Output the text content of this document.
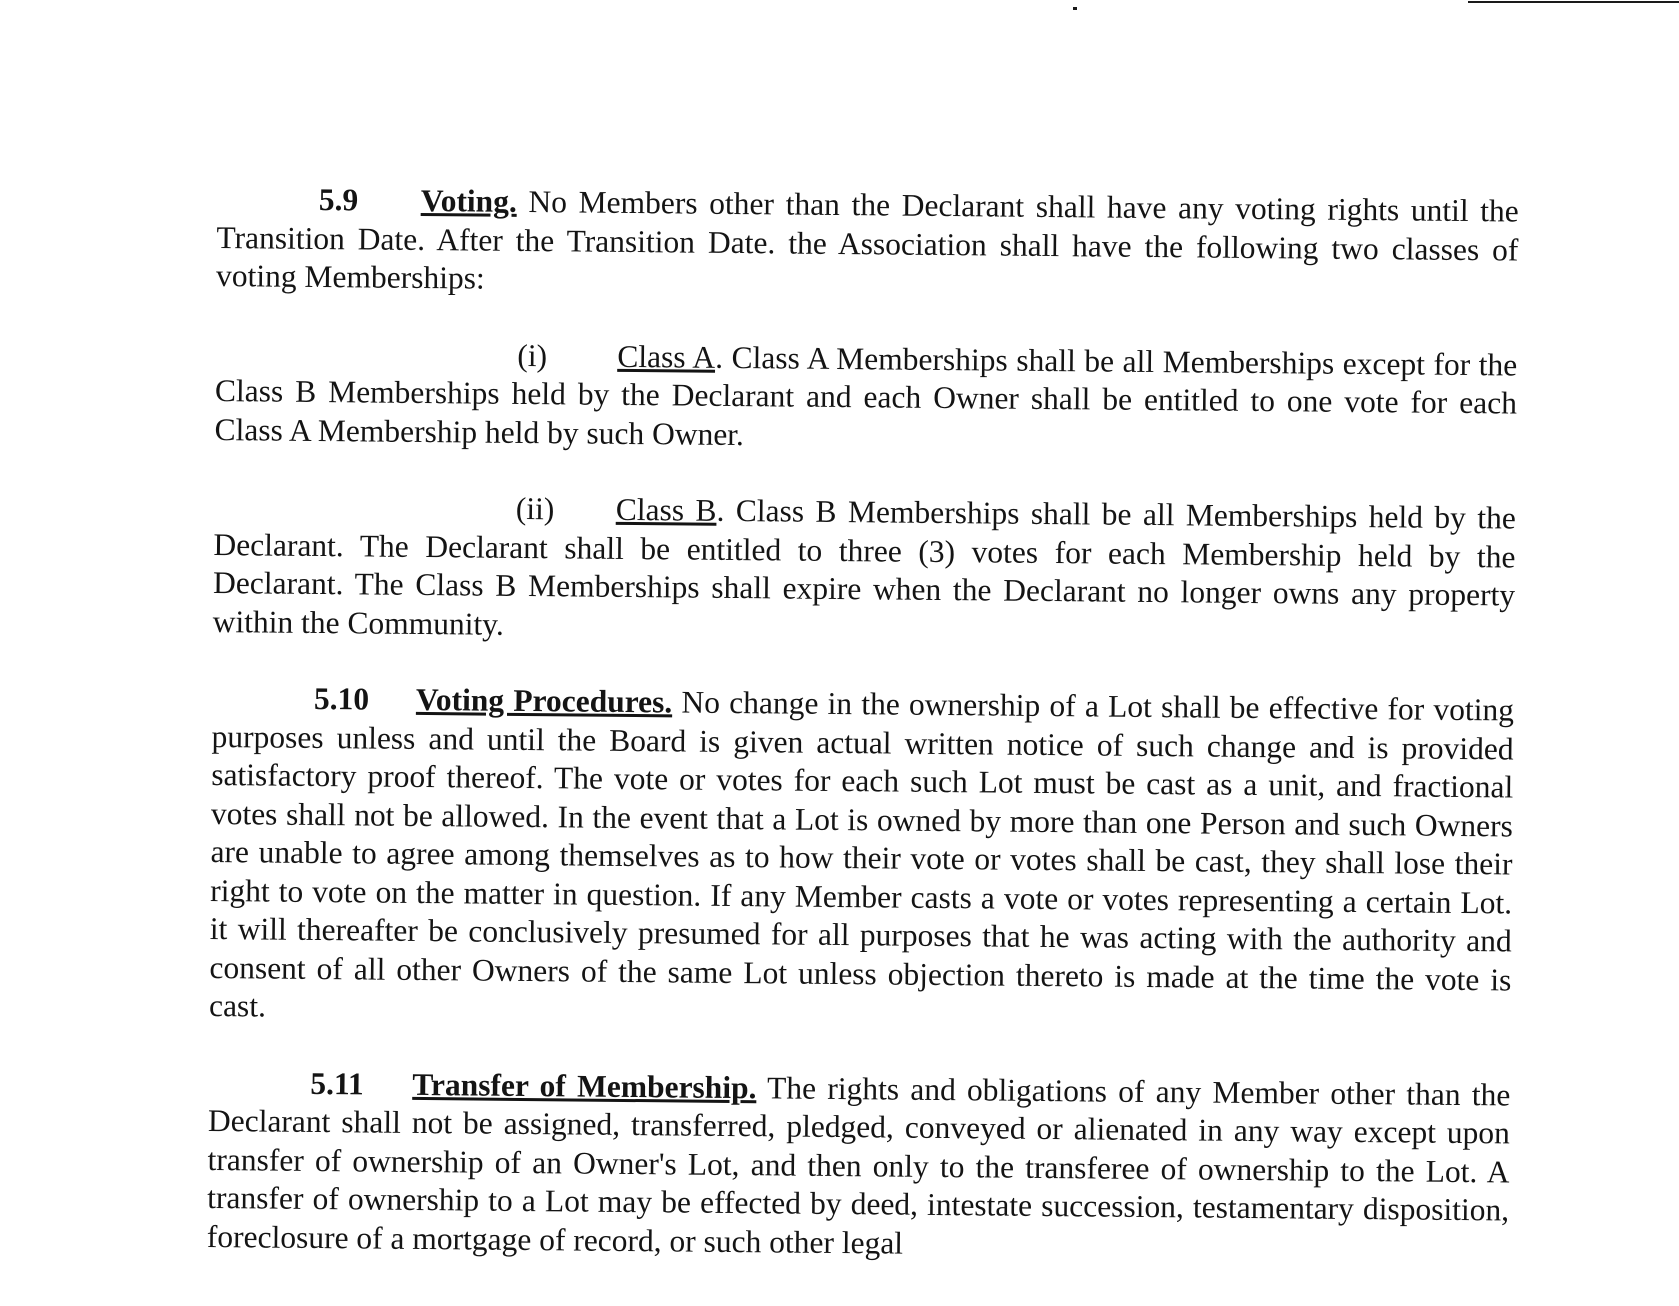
5.9 Voting. No Members other than the Declarant shall have any voting rights until the Transition Date. After the Transition Date. the Association shall have the following two classes of voting Memberships:

(i) Class A. Class A Memberships shall be all Memberships except for the Class B Memberships held by the Declarant and each Owner shall be entitled to one vote for each Class A Membership held by such Owner.

(ii) Class B. Class B Memberships shall be all Memberships held by the Declarant. The Declarant shall be entitled to three (3) votes for each Membership held by the Declarant. The Class B Memberships shall expire when the Declarant no longer owns any property within the Community.

5.10 Voting Procedures. No change in the ownership of a Lot shall be effective for voting purposes unless and until the Board is given actual written notice of such change and is provided satisfactory proof thereof. The vote or votes for each such Lot must be cast as a unit, and fractional votes shall not be allowed. In the event that a Lot is owned by more than one Person and such Owners are unable to agree among themselves as to how their vote or votes shall be cast, they shall lose their right to vote on the matter in question. If any Member casts a vote or votes representing a certain Lot. it will thereafter be conclusively presumed for all purposes that he was acting with the authority and consent of all other Owners of the same Lot unless objection thereto is made at the time the vote is cast.

5.11 Transfer of Membership. The rights and obligations of any Member other than the Declarant shall not be assigned, transferred, pledged, conveyed or alienated in any way except upon transfer of ownership of an Owner's Lot, and then only to the transferee of ownership to the Lot. A transfer of ownership to a Lot may be effected by deed, intestate succession, testamentary disposition, foreclosure of a mortgage of record, or such other legal
